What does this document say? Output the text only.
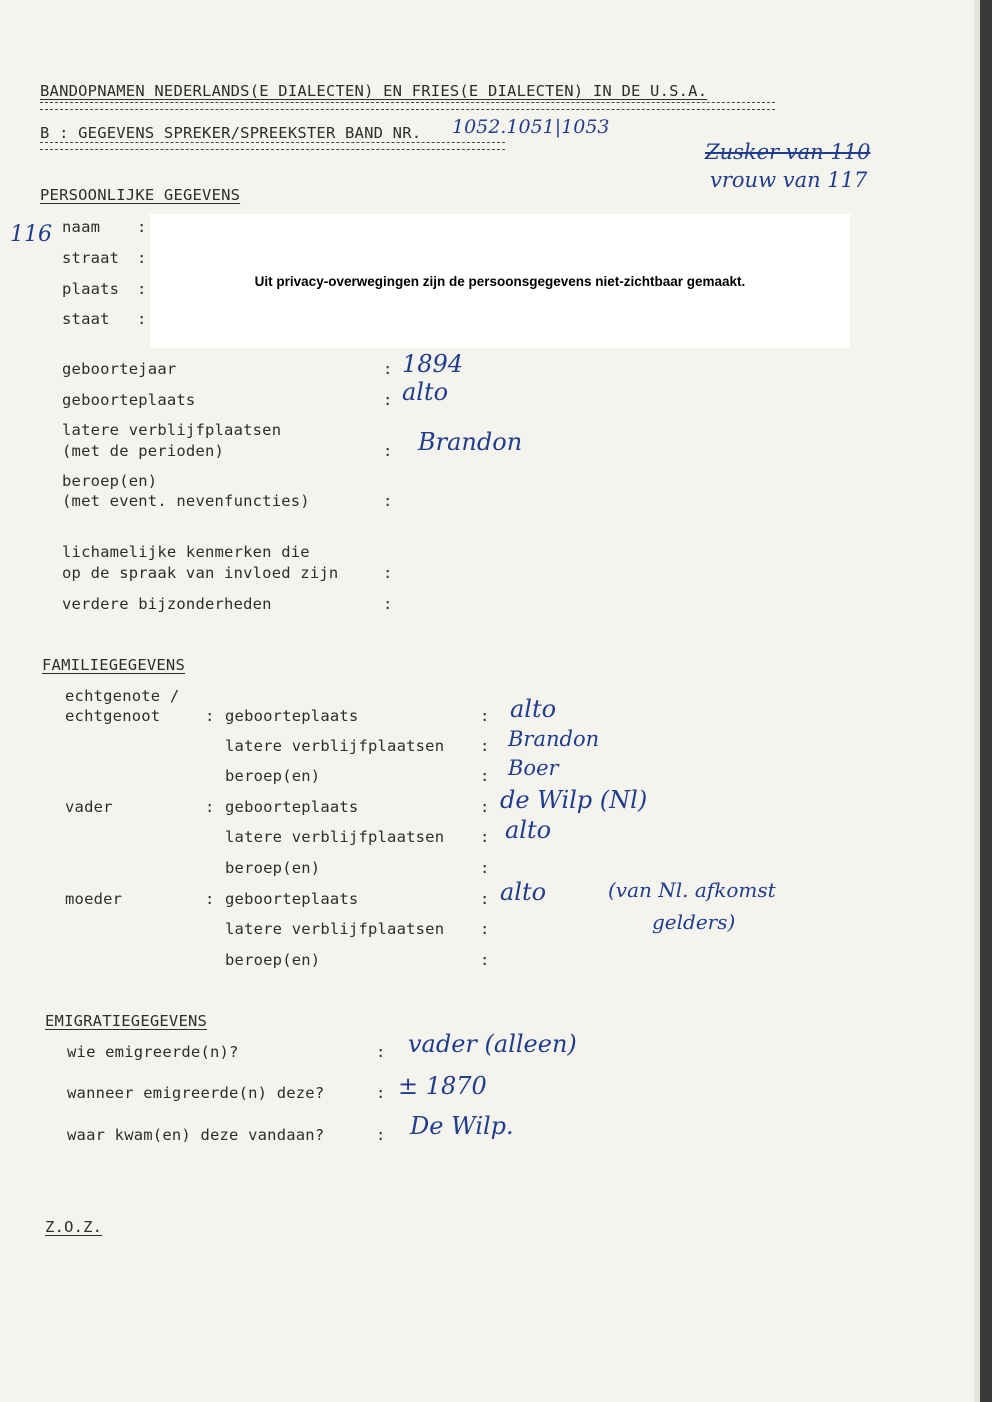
BANDOPNAMEN NEDERLANDS(E DIALECTEN) EN FRIES(E DIALECTEN) IN DE U.S.A.
B : GEGEVENS SPREKER/SPREEKSTER BAND NR. 1052.1051|1053
Zusker van 110
vrouw van 117
PERSOONLIJKE GEGEVENS
116 naam :
straat :
plaats :
staat :
Uit privacy-overwegingen zijn de persoonsgegevens niet-zichtbaar gemaakt.
geboortejaar	: 1894
geboorteplaats	: alto
latere verblijfplaatsen
(met de perioden)	: Brandon
beroep(en)
(met event. nevenfuncties)	:
lichamelijke kenmerken die
op de spraak van invloed zijn	:
verdere bijzonderheden	:
FAMILIEGEGEVENS
echtgenote /
echtgenoot	: geboorteplaats	: alto
latere verblijfplaatsen : Brandon
beroep(en)	: Boer
vader	: geboorteplaats	: de Wilp (Nl)
latere verblijfplaatsen : alto
beroep(en)	:
moeder	: geboorteplaats	: alto	(van Nl. afkomst
gelders)
latere verblijfplaatsen :
beroep(en)	:
EMIGRATIEGEGEVENS
wie emigreerde(n)?	: vader (alleen)
wanneer emigreerde(n) deze?	: ± 1870
waar kwam(en) deze vandaan?	: De Wilp.
Z.O.Z.
